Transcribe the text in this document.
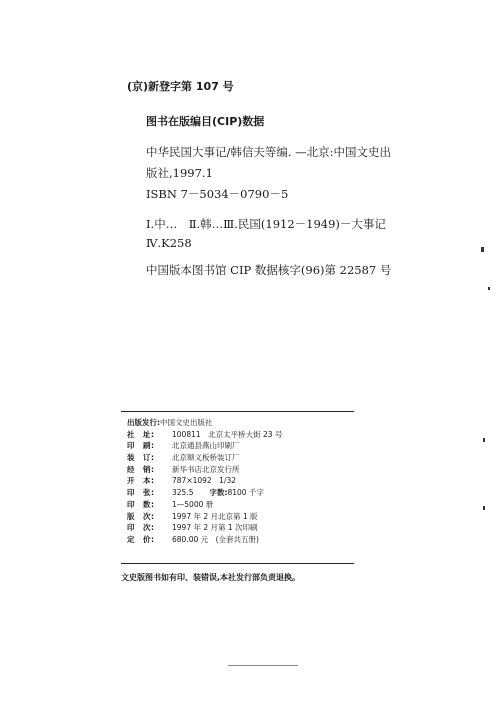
(京)新登字第 107 号
图书在版编目(CIP)数据
中华民国大事记/韩信夫等编. —北京:中国文史出
版社,1997.1
ISBN 7－5034－0790－5
Ⅰ.中…　Ⅱ.韩…Ⅲ.民国(1912－1949)－大事记
Ⅳ.K258
中国版本图书馆 CIP 数据核字(96)第 22587 号
出版发行: 中国文史出版社
社　址:	100811　北京太平桥大街 23 号
印　刷:	北京通县燕山印刷厂
装　订:	北京顺义板桥装订厂
经　销:	新华书店北京发行所
开　本:	787×1092　1/32
印　张:	325.5 字数: 8100 千字
印　数:	1—5000 册
版　次:	1997 年 2 月北京第 1 版
印　次:	1997 年 2 月第 1 次印刷
定　价:	680.00 元　(全套共五册)
文史版图书如有印、装错误,本社发行部负责退换。
